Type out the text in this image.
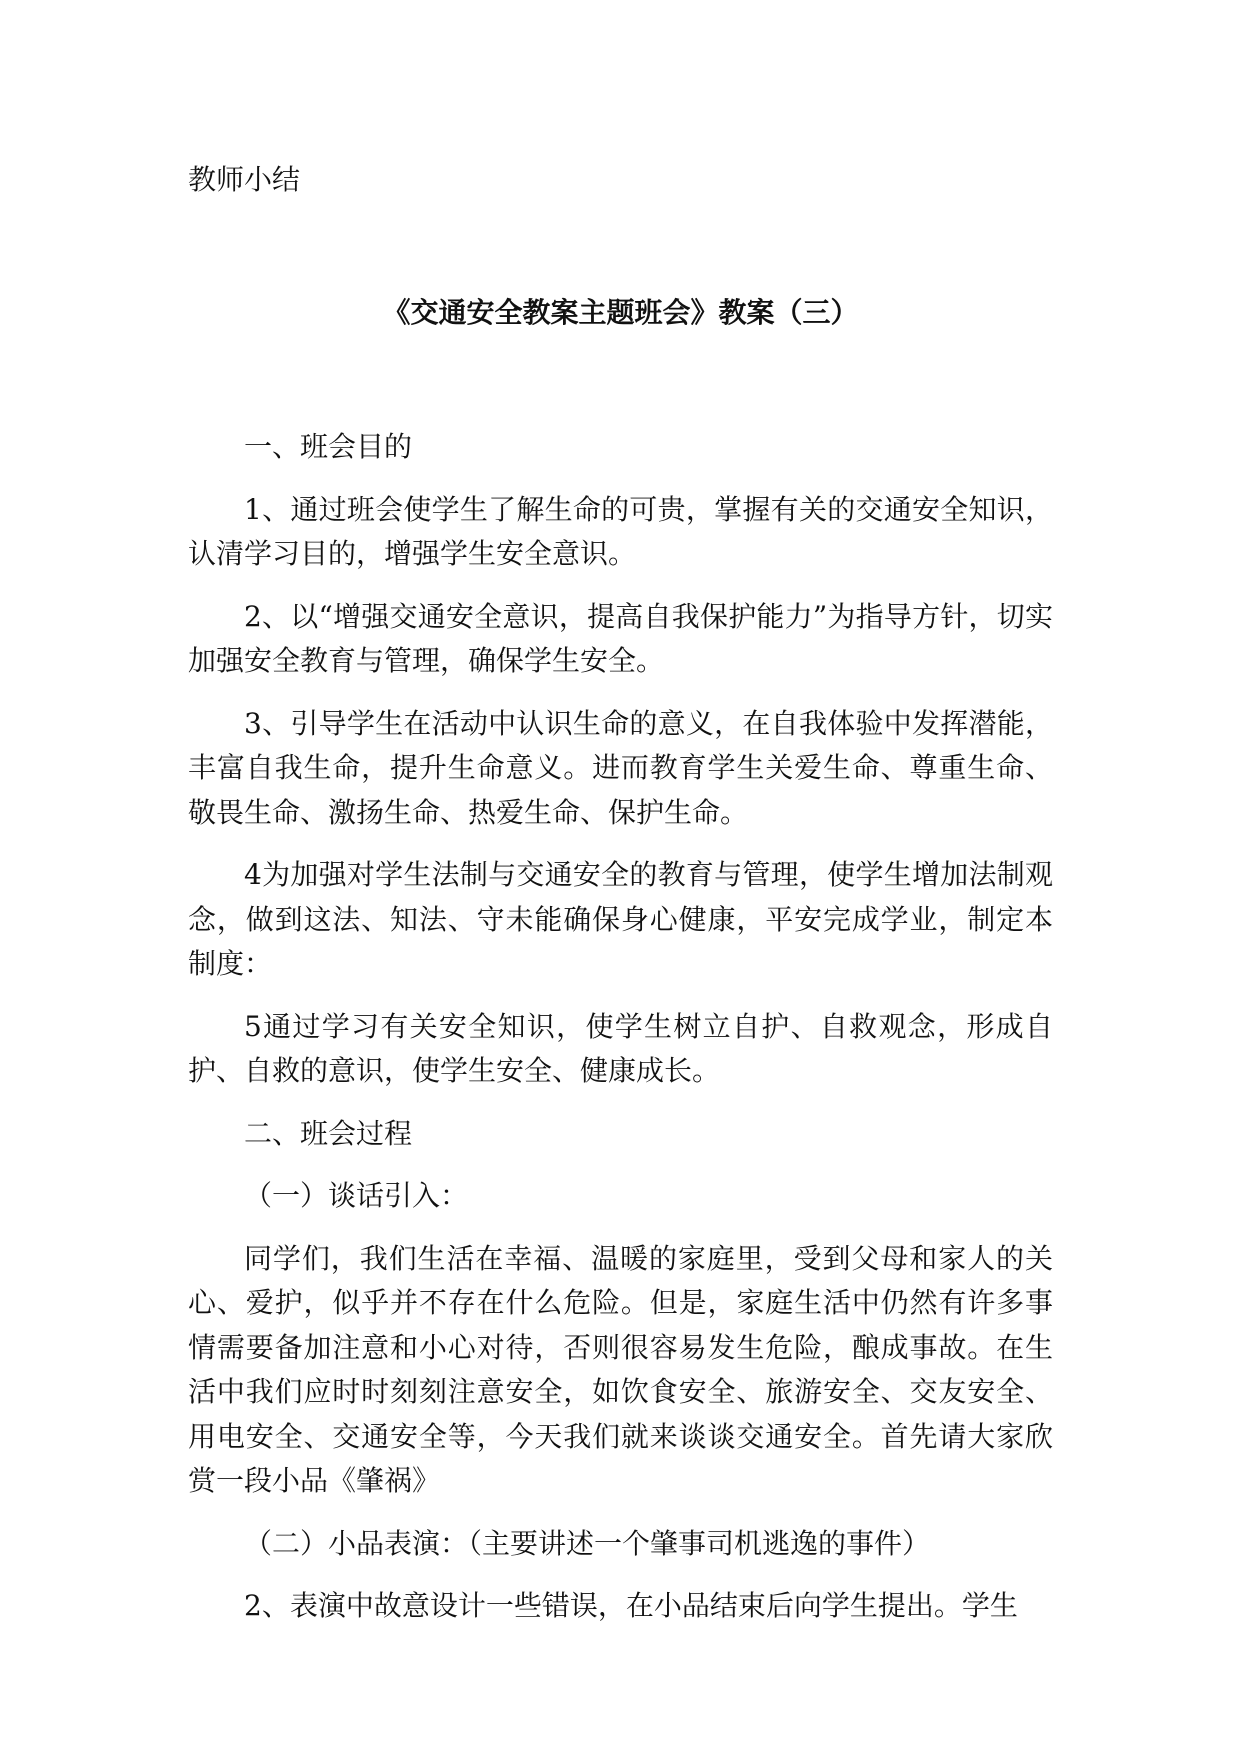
教师小结

《交通安全教案主题班会》教案（三）

一、班会目的

1、通过班会使学生了解生命的可贵，掌握有关的交通安全知识，认清学习目的，增强学生安全意识。

2、以“增强交通安全意识，提高自我保护能力”为指导方针，切实加强安全教育与管理，确保学生安全。

3、引导学生在活动中认识生命的意义，在自我体验中发挥潜能，丰富自我生命，提升生命意义。进而教育学生关爱生命、尊重生命、敬畏生命、激扬生命、热爱生命、保护生命。

4为加强对学生法制与交通安全的教育与管理，使学生增加法制观念，做到这法、知法、守未能确保身心健康，平安完成学业，制定本制度：

5通过学习有关安全知识，使学生树立自护、自救观念，形成自护、自救的意识，使学生安全、健康成长。

二、班会过程

（一）谈话引入：

同学们，我们生活在幸福、温暖的家庭里，受到父母和家人的关心、爱护，似乎并不存在什么危险。但是，家庭生活中仍然有许多事情需要备加注意和小心对待，否则很容易发生危险，酿成事故。在生活中我们应时时刻刻注意安全，如饮食安全、旅游安全、交友安全、用电安全、交通安全等，今天我们就来谈谈交通安全。首先请大家欣赏一段小品《肇祸》

（二）小品表演：（主要讲述一个肇事司机逃逸的事件）

2、表演中故意设计一些错误，在小品结束后向学生提出。学生
